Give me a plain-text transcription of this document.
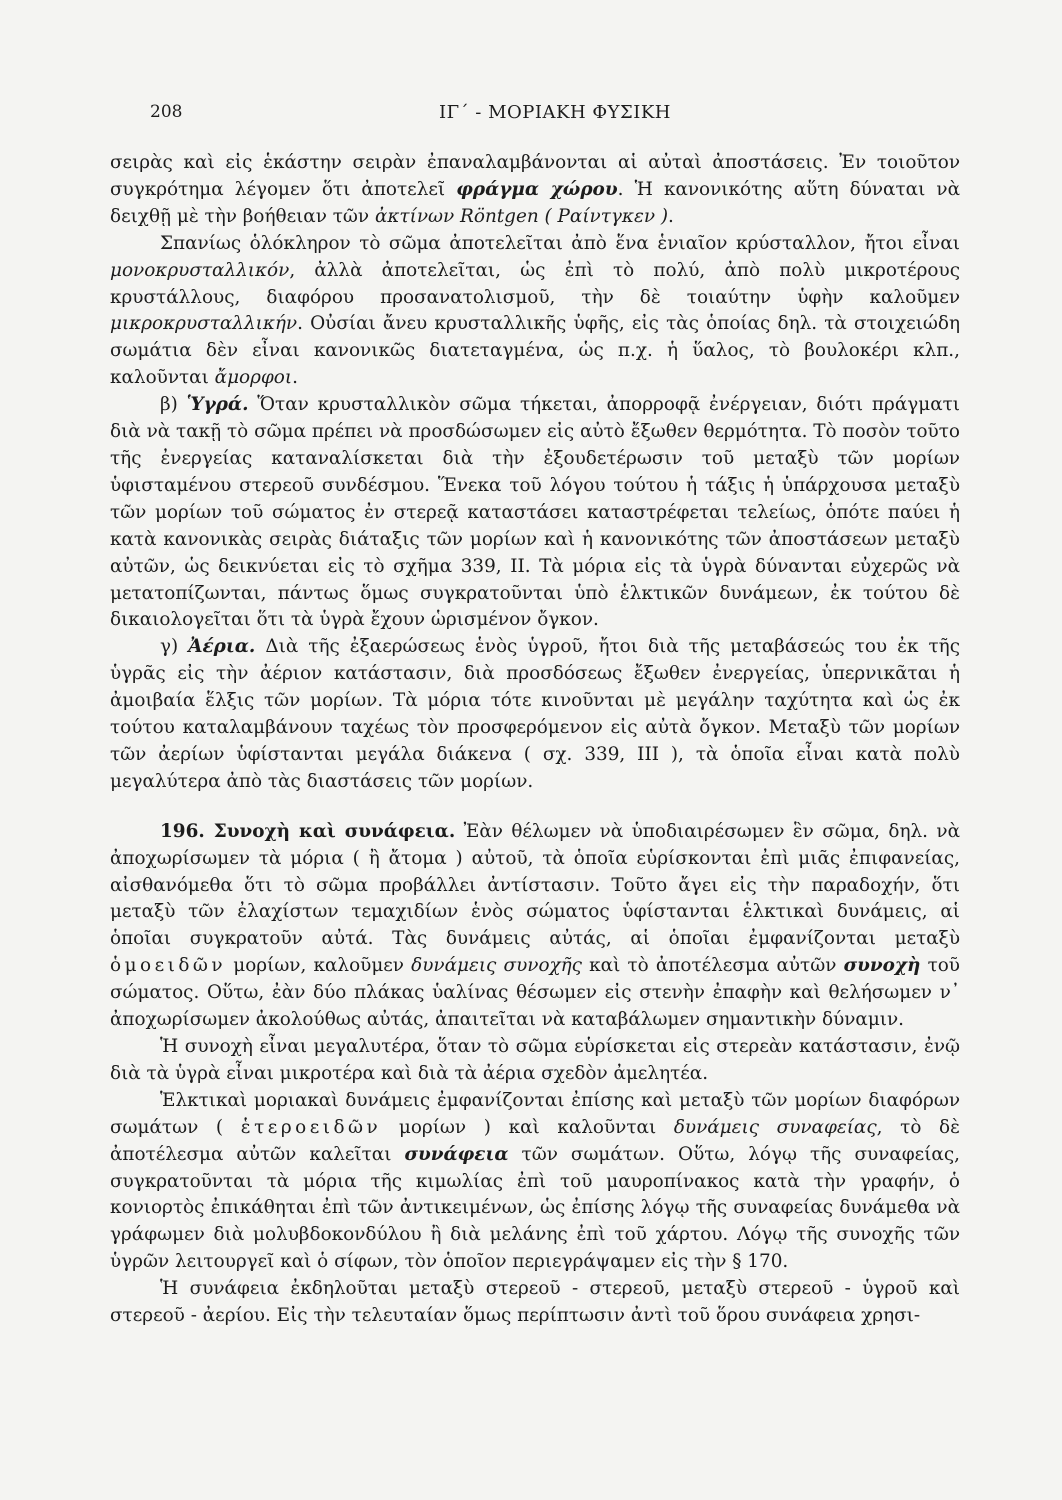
208	ΙΓ΄ - ΜΟΡΙΑΚΗ ΦΥΣΙΚΗ

σειρὰς καὶ εἰς ἑκάστην σειρὰν ἐπαναλαμβάνονται αἱ αὐταὶ ἀποστάσεις. Ἐν τοιοῦτον συγκρότημα λέγομεν ὅτι ἀποτελεῖ φράγμα χώρου. Ἡ κανονικότης αὕτη δύναται νὰ δειχθῇ μὲ τὴν βοήθειαν τῶν ἀκτίνων Röntgen ( Ραίντγκεν ).

Σπανίως ὁλόκληρον τὸ σῶμα ἀποτελεῖται ἀπὸ ἕνα ἑνιαῖον κρύσταλλον, ἤτοι εἶναι μονοκρυσταλλικόν, ἀλλὰ ἀποτελεῖται, ὡς ἐπὶ τὸ πολύ, ἀπὸ πολὺ μικροτέρους κρυστάλλους, διαφόρου προσανατολισμοῦ, τὴν δὲ τοιαύτην ὑφὴν καλοῦμεν μικροκρυσταλλικήν. Οὐσίαι ἄνευ κρυσταλλικῆς ὑφῆς, εἰς τὰς ὁποίας δηλ. τὰ στοιχειώδη σωμάτια δὲν εἶναι κανονικῶς διατεταγμένα, ὡς π.χ. ἡ ὕαλος, τὸ βουλοκέρι κλπ., καλοῦνται ἄμορφοι.

β) Ὑγρά. Ὅταν κρυσταλλικὸν σῶμα τήκεται, ἀπορροφᾷ ἐνέργειαν, διότι πράγματι διὰ νὰ τακῇ τὸ σῶμα πρέπει νὰ προσδώσωμεν εἰς αὐτὸ ἔξωθεν θερμότητα. Τὸ ποσὸν τοῦτο τῆς ἐνεργείας καταναλίσκεται διὰ τὴν ἐξουδετέρωσιν τοῦ μεταξὺ τῶν μορίων ὑφισταμένου στερεοῦ συνδέσμου. Ἕνεκα τοῦ λόγου τούτου ἡ τάξις ἡ ὑπάρχουσα μεταξὺ τῶν μορίων τοῦ σώματος ἐν στερεᾷ καταστάσει καταστρέφεται τελείως, ὁπότε παύει ἡ κατὰ κανονικὰς σειρὰς διάταξις τῶν μορίων καὶ ἡ κανονικότης τῶν ἀποστάσεων μεταξὺ αὐτῶν, ὡς δεικνύεται εἰς τὸ σχῆμα 339, II. Τὰ μόρια εἰς τὰ ὑγρὰ δύνανται εὐχερῶς νὰ μετατοπίζωνται, πάντως ὅμως συγκρατοῦνται ὑπὸ ἑλκτικῶν δυνάμεων, ἐκ τούτου δὲ δικαιολογεῖται ὅτι τὰ ὑγρὰ ἔχουν ὡρισμένον ὄγκον.

γ) Ἀέρια. Διὰ τῆς ἐξαερώσεως ἑνὸς ὑγροῦ, ἤτοι διὰ τῆς μεταβάσεώς του ἐκ τῆς ὑγρᾶς εἰς τὴν ἀέριον κατάστασιν, διὰ προσδόσεως ἔξωθεν ἐνεργείας, ὑπερνικᾶται ἡ ἀμοιβαία ἕλξις τῶν μορίων. Τὰ μόρια τότε κινοῦνται μὲ μεγάλην ταχύτητα καὶ ὡς ἐκ τούτου καταλαμβάνουν ταχέως τὸν προσφερόμενον εἰς αὐτὰ ὄγκον. Μεταξὺ τῶν μορίων τῶν ἀερίων ὑφίστανται μεγάλα διάκενα ( σχ. 339, III ), τὰ ὁποῖα εἶναι κατὰ πολὺ μεγαλύτερα ἀπὸ τὰς διαστάσεις τῶν μορίων.

196. Συνοχὴ καὶ συνάφεια. Ἐὰν θέλωμεν νὰ ὑποδιαιρέσωμεν ἓν σῶμα, δηλ. νὰ ἀποχωρίσωμεν τὰ μόρια ( ἢ ἄτομα ) αὐτοῦ, τὰ ὁποῖα εὑρίσκονται ἐπὶ μιᾶς ἐπιφανείας, αἰσθανόμεθα ὅτι τὸ σῶμα προβάλλει ἀντίστασιν. Τοῦτο ἄγει εἰς τὴν παραδοχήν, ὅτι μεταξὺ τῶν ἐλαχίστων τεμαχιδίων ἑνὸς σώματος ὑφίστανται ἑλκτικαὶ δυνάμεις, αἱ ὁποῖαι συγκρατοῦν αὐτά. Τὰς δυνάμεις αὐτάς, αἱ ὁποῖαι ἐμφανίζονται μεταξὺ ὁμοειδῶν μορίων, καλοῦμεν δυνάμεις συνοχῆς καὶ τὸ ἀποτέλεσμα αὐτῶν συνοχὴ τοῦ σώματος. Οὕτω, ἐὰν δύο πλάκας ὑαλίνας θέσωμεν εἰς στενὴν ἐπαφὴν καὶ θελήσωμεν ν᾿ ἀποχωρίσωμεν ἀκολούθως αὐτάς, ἀπαιτεῖται νὰ καταβάλωμεν σημαντικὴν δύναμιν.

Ἡ συνοχὴ εἶναι μεγαλυτέρα, ὅταν τὸ σῶμα εὑρίσκεται εἰς στερεὰν κατάστασιν, ἐνῷ διὰ τὰ ὑγρὰ εἶναι μικροτέρα καὶ διὰ τὰ ἀέρια σχεδὸν ἀμελητέα.

Ἑλκτικαὶ μοριακαὶ δυνάμεις ἐμφανίζονται ἐπίσης καὶ μεταξὺ τῶν μορίων διαφόρων σωμάτων ( ἑτεροειδῶν μορίων ) καὶ καλοῦνται δυνάμεις συναφείας, τὸ δὲ ἀποτέλεσμα αὐτῶν καλεῖται συνάφεια τῶν σωμάτων. Οὕτω, λόγῳ τῆς συναφείας, συγκρατοῦνται τὰ μόρια τῆς κιμωλίας ἐπὶ τοῦ μαυροπίνακος κατὰ τὴν γραφήν, ὁ κονιορτὸς ἐπικάθηται ἐπὶ τῶν ἀντικειμένων, ὡς ἐπίσης λόγῳ τῆς συναφείας δυνάμεθα νὰ γράφωμεν διὰ μολυβδοκονδύλου ἢ διὰ μελάνης ἐπὶ τοῦ χάρτου. Λόγῳ τῆς συνοχῆς τῶν ὑγρῶν λειτουργεῖ καὶ ὁ σίφων, τὸν ὁποῖον περιεγράψαμεν εἰς τὴν § 170.

Ἡ συνάφεια ἐκδηλοῦται μεταξὺ στερεοῦ - στερεοῦ, μεταξὺ στερεοῦ - ὑγροῦ καὶ στερεοῦ - ἀερίου. Εἰς τὴν τελευταίαν ὅμως περίπτωσιν ἀντὶ τοῦ ὅρου συνάφεια χρησι-
